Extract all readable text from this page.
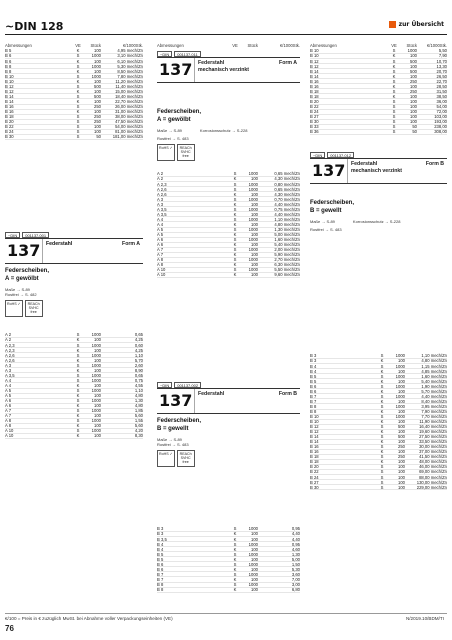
~DIN 128	zur Übersicht
Abmessungen	VE	Stück	€/1000Stk.
B 5	K	100	4,95 mech/Zn
B 6	S	1000	3,10 mech/Zn
B 6	K	100	6,10 mech/Zn
B 8	S	1000	5,30 mech/Zn
B 8	K	100	8,50 mech/Zn
B 10	S	1000	7,80 mech/Zn
B 10	K	100	11,20 mech/Zn
B 12	S	500	11,40 mech/Zn
B 12	K	100	15,00 mech/Zn
B 14	S	500	18,40 mech/Zn
B 14	K	100	22,70 mech/Zn
B 16	S	250	26,00 mech/Zn
B 16	K	100	31,00 mech/Zn
B 18	S	250	38,00 mech/Zn
B 20	S	250	47,50 mech/Zn
B 22	S	100	54,00 mech/Zn
B 24	S	100	81,00 mech/Zn
B 30	S	50	181,00 mech/Zn
~DIN	001137.001
137	Federstahl	Form A
Federscheiben,
A = gewölbt
Maße → S-89
Rostfrei → S. 482
RoHS ✓	REACh SVHC free
A 2	S	1000	0,65
A 2	K	100	4,25
A 2,3	S	1000	0,60
A 2,3	K	100	4,25
A 2,6	S	1000	1,10
A 2,6	K	100	5,70
A 3	S	1000	2,60
A 3	K	100	8,90
A 3,5	S	1000	0,65
A 4	S	1000	0,75
A 4	K	100	4,55
A 5	S	1000	1,10
A 5	K	100	4,80
A 6	S	1000	1,30
A 6	K	100	4,80
A 7	S	1000	1,85
A 7	K	100	5,60
A 8	S	1000	1,55
A 8	K	100	5,60
A 10	S	1000	4,20
A 10	K	100	8,30
Abmessungen	VE	Stück	€/1000Stk.
~DIN	001137.011
137	Federstahl	Form A
mechanisch verzinkt
Federscheiben,
A = gewölbt
Maße → S-89	Korrosionsschutz → S-228
Rostfrei → S. 483
RoHS ✓	REACh SVHC free
A 2	S	1000	0,65 mech/Zn
A 2	K	100	4,30 mech/Zn
A 2,3	S	1000	0,80 mech/Zn
A 2,6	S	1000	0,65 mech/Zn
A 2,6	K	100	4,30 mech/Zn
A 3	S	1000	0,70 mech/Zn
A 3	K	100	4,40 mech/Zn
A 3,5	S	1000	0,75 mech/Zn
A 3,5	K	100	4,40 mech/Zn
A 4	S	1000	1,10 mech/Zn
A 4	K	100	4,80 mech/Zn
A 5	S	1000	1,30 mech/Zn
A 5	K	100	5,00 mech/Zn
A 6	S	1000	1,60 mech/Zn
A 6	K	100	5,40 mech/Zn
A 7	S	1000	2,00 mech/Zn
A 7	K	100	5,90 mech/Zn
A 8	S	1000	2,70 mech/Zn
A 8	K	100	6,30 mech/Zn
A 10	S	1000	5,50 mech/Zn
A 10	K	100	9,60 mech/Zn
~DIN	001137.002
137	Federstahl	Form B
Federscheiben,
B = gewellt
Maße → S-89
Rostfrei → S. 483
RoHS ✓	REACh SVHC free
B 3	S	1000	0,95
B 3	K	100	4,40
B 3,5	K	100	4,40
B 4	S	1000	0,95
B 4	K	100	4,60
B 5	S	1000	1,30
B 5	K	100	5,00
B 6	S	1000	1,50
B 6	K	100	5,30
B 7	S	1000	3,60
B 7	K	100	7,00
B 8	S	1000	3,00
B 8	K	100	6,80
Abmessungen	VE	Stück	€/1000Stk.
B 10	S	1000	5,50
B 10	K	100	7,90
B 12	S	500	10,70
B 12	K	100	13,30
B 14	S	500	20,70
B 14	K	100	26,50
B 16	S	250	22,70
B 16	K	100	28,50
B 18	S	250	31,50
B 18	K	100	38,50
B 20	S	100	36,00
B 22	S	100	54,00
B 24	S	100	72,00
B 27	S	100	103,00
B 30	S	100	193,00
B 33	S	50	238,00
B 36	S	50	308,00
~DIN	001137.012
137	Federstahl	Form B
mechanisch verzinkt
Federscheiben,
B = gewellt
Maße → S-89	Korrosionsschutz → S-228
Rostfrei → S. 483
B 3	S	1000	1,10 mech/Zn
B 3	K	100	4,80 mech/Zn
B 4	S	1000	1,15 mech/Zn
B 4	K	100	4,85 mech/Zn
B 5	S	1000	1,60 mech/Zn
B 5	K	100	5,40 mech/Zn
B 6	S	1000	1,90 mech/Zn
B 6	K	100	5,70 mech/Zn
B 7	S	1000	4,40 mech/Zn
B 7	K	100	8,40 mech/Zn
B 8	S	1000	3,95 mech/Zn
B 8	K	100	7,90 mech/Zn
B 10	S	1000	7,70 mech/Zn
B 10	K	100	11,90 mech/Zn
B 12	S	500	16,40 mech/Zn
B 12	K	100	19,60 mech/Zn
B 14	S	500	27,50 mech/Zn
B 14	K	100	33,50 mech/Zn
B 16	S	250	30,00 mech/Zn
B 16	K	100	37,00 mech/Zn
B 18	S	250	41,50 mech/Zn
B 18	K	100	48,00 mech/Zn
B 20	S	100	46,00 mech/Zn
B 22	S	100	69,00 mech/Zn
B 24	S	100	88,00 mech/Zn
B 27	S	100	130,00 mech/Zn
B 30	S	100	229,00 mech/Zn
€/100 = Preis in € zuzüglich MwSt. bei Abnahme voller Verpackungseinheiten (VE)	N/2019.10/BDM/TI
76
